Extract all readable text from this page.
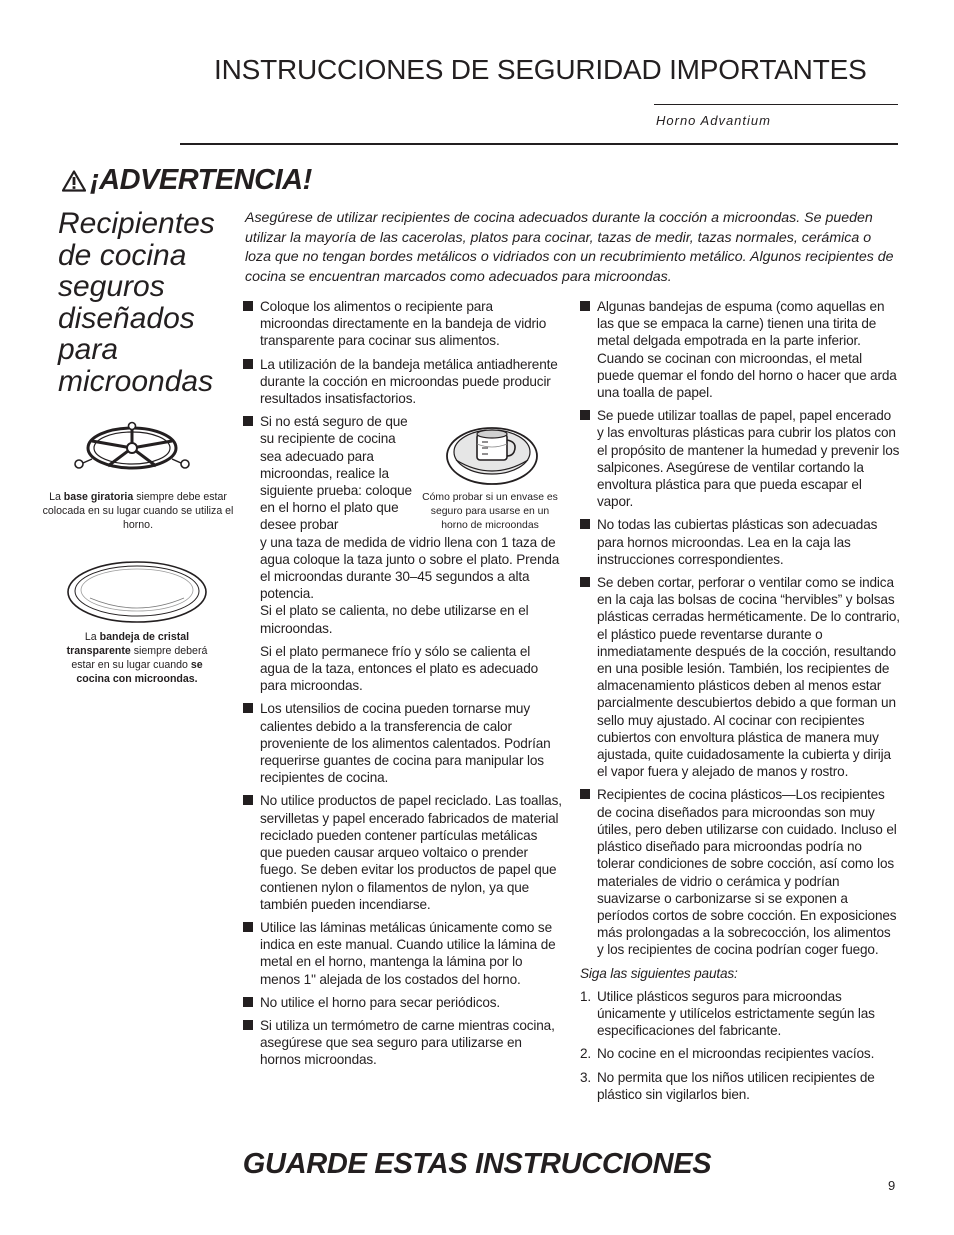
INSTRUCCIONES DE SEGURIDAD IMPORTANTES
Horno Advantium
¡ADVERTENCIA!
Recipientes de cocina seguros diseñados para microondas
Asegúrese de utilizar recipientes de cocina adecuados durante la cocción a microondas. Se pueden utilizar la mayoría de las cacerolas, platos para cocinar, tazas de medir, tazas normales, cerámica o loza que no tengan bordes metálicos o vidriados con un recubrimiento metálico. Algunos recipientes de cocina se encuentran marcados como adecuados para microondas.
La base giratoria siempre debe estar colocada en su lugar cuando se utiliza el horno.
La bandeja de cristal transparente siempre deberá estar en su lugar cuando se cocina con microondas.
Cómo probar si un envase es seguro para usarse en un horno de microondas
Coloque los alimentos o recipiente para microondas directamente en la bandeja de vidrio transparente para cocinar sus alimentos.
La utilización de la bandeja metálica antiadherente durante la cocción en microondas puede producir resultados insatisfactorios.
Si no está seguro de que su recipiente de cocina sea adecuado para microondas, realice la siguiente prueba: coloque en el horno el plato que desee probar
y una taza de medida de vidrio llena con 1 taza de agua coloque la taza junto o sobre el plato. Prenda el microondas durante 30–45 segundos a alta potencia.
Si el plato se calienta, no debe utilizarse en el microondas.
Si el plato permanece frío y sólo se calienta el agua de la taza, entonces el plato es adecuado para microondas.
Los utensilios de cocina pueden tornarse muy calientes debido a la transferencia de calor proveniente de los alimentos calentados. Podrían requerirse guantes de cocina para manipular los recipientes de cocina.
No utilice productos de papel reciclado. Las toallas, servilletas y papel encerado fabricados de material reciclado pueden contener partículas metálicas que pueden causar arqueo voltaico o prender fuego. Se deben evitar los productos de papel que contienen nylon o filamentos de nylon, ya que también pueden incendiarse.
Utilice las láminas metálicas únicamente como se indica en este manual. Cuando utilice la lámina de metal en el horno, mantenga la lámina por lo menos 1" alejada de los costados del horno.
No utilice el horno para secar periódicos.
Si utiliza un termómetro de carne mientras cocina, asegúrese que sea seguro para utilizarse en hornos microondas.
Algunas bandejas de espuma (como aquellas en las que se empaca la carne) tienen una tirita de metal delgada empotrada en la parte inferior. Cuando se cocinan con microondas, el metal puede quemar el fondo del horno o hacer que arda una toalla de papel.
Se puede utilizar toallas de papel, papel encerado y las envolturas plásticas para cubrir los platos con el propósito de mantener la humedad y prevenir los salpicones. Asegúrese de ventilar cortando la envoltura plástica para que pueda escapar el vapor.
No todas las cubiertas plásticas son adecuadas para hornos microondas. Lea en la caja las instrucciones correspondientes.
Se deben cortar, perforar o ventilar como se indica en la caja las bolsas de cocina “hervibles” y bolsas plásticas cerradas herméticamente. De lo contrario, el plástico puede reventarse durante o inmediatamente después de la cocción, resultando en una posible lesión. También, los recipientes de almacenamiento plásticos deben al menos estar parcialmente descubiertos debido a que forman un sello muy ajustado. Al cocinar con recipientes cubiertos con envoltura plástica de manera muy ajustada, quite cuidadosamente la cubierta y dirija el vapor fuera y alejado de manos y rostro.
Recipientes de cocina plásticos—Los recipientes de cocina diseñados para microondas son muy útiles, pero deben utilizarse con cuidado. Incluso el plástico diseñado para microondas podría no tolerar condiciones de sobre cocción, así como los materiales de vidrio o cerámica y podrían suavizarse o carbonizarse si se exponen a períodos cortos de sobre cocción. En exposiciones más prolongadas a la sobrecocción, los alimentos y los recipientes de cocina podrían coger fuego.
Siga las siguientes pautas:
1. Utilice plásticos seguros para microondas únicamente y utilícelos estrictamente según las especificaciones del fabricante.
2. No cocine en el microondas recipientes vacíos.
3. No permita que los niños utilicen recipientes de plástico sin vigilarlos bien.
GUARDE ESTAS INSTRUCCIONES
9
